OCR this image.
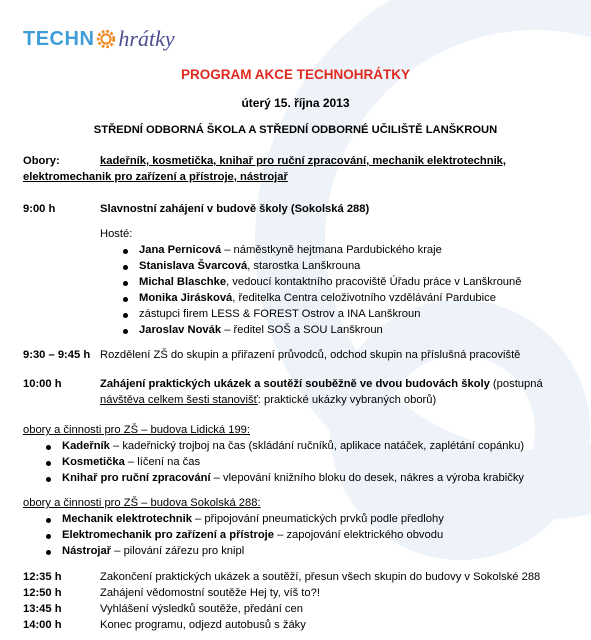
TECHN hrátky
PROGRAM AKCE TECHNOHRÁTKY
úterý 15. října 2013
STŘEDNÍ ODBORNÁ ŠKOLA A STŘEDNÍ ODBORNÉ UČILIŠTĚ LANŠKROUN
Obory:	kadeřník, kosmetička, knihař pro ruční zpracování, mechanik elektrotechnik,
elektromechanik pro zařízení a přístroje, nástrojař
9:00 h	Slavnostní zahájení v budově školy (Sokolská 288)
Hosté:
Jana Pernicová – náměstkyně hejtmana Pardubického kraje
Stanislava Švarcová, starostka Lanškrouna
Michal Blaschke, vedoucí kontaktního pracoviště Úřadu práce v Lanškrouně
Monika Jirásková, ředitelka Centra celoživotního vzdělávání Pardubice
zástupci firem LESS & FOREST Ostrov a INA Lanškroun
Jaroslav Novák – ředitel SOŠ a SOU Lanškroun
9:30 – 9:45 h Rozdělení ZŠ do skupin a přiřazení průvodců, odchod skupin na příslušná pracoviště
10:00 h	Zahájení praktických ukázek a soutěží souběžně ve dvou budovách školy (postupná
návštěva celkem šesti stanovišť: praktické ukázky vybraných oborů)
obory a činnosti pro ZŠ – budova Lidická 199:
Kadeřník – kadeřnický trojboj na čas (skládání ručníků, aplikace natáček, zaplétání copánku)
Kosmetička – líčení na čas
Knihař pro ruční zpracování – vlepování knižního bloku do desek, nákres a výroba krabičky
obory a činnosti pro ZŠ – budova Sokolská 288:
Mechanik elektrotechnik – připojování pneumatických prvků podle předlohy
Elektromechanik pro zařízení a přístroje – zapojování elektrického obvodu
Nástrojař – pilování zářezu pro knipl
12:35 h	Zakončení praktických ukázek a soutěží, přesun všech skupin do budovy v Sokolské 288
12:50 h	Zahájení vědomostní soutěže Hej ty, víš to?!
13:45 h	Vyhlášení výsledků soutěže, předání cen
14:00 h	Konec programu, odjezd autobusů s žáky
